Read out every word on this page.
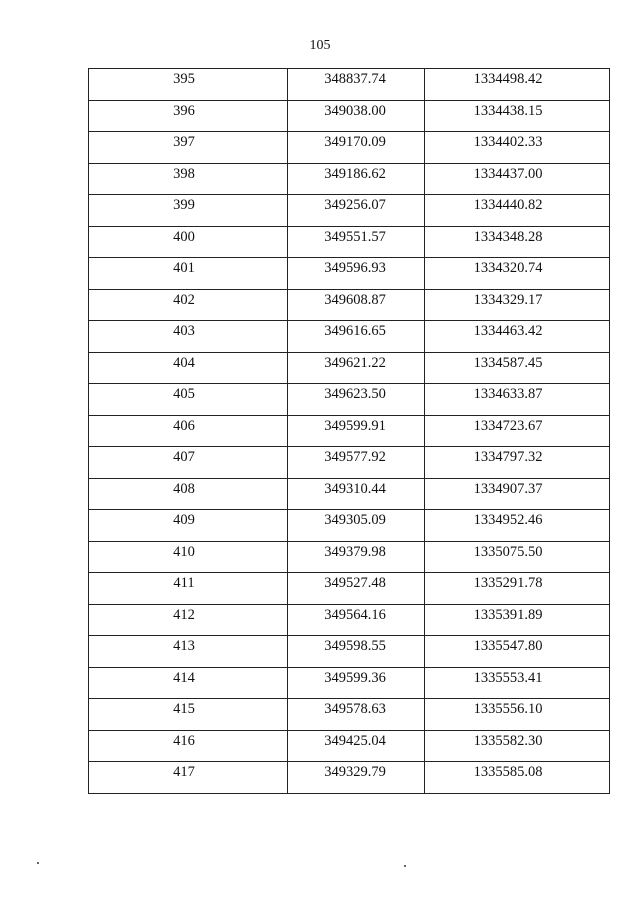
105
395	348837.74	1334498.42
396	349038.00	1334438.15
397	349170.09	1334402.33
398	349186.62	1334437.00
399	349256.07	1334440.82
400	349551.57	1334348.28
401	349596.93	1334320.74
402	349608.87	1334329.17
403	349616.65	1334463.42
404	349621.22	1334587.45
405	349623.50	1334633.87
406	349599.91	1334723.67
407	349577.92	1334797.32
408	349310.44	1334907.37
409	349305.09	1334952.46
410	349379.98	1335075.50
411	349527.48	1335291.78
412	349564.16	1335391.89
413	349598.55	1335547.80
414	349599.36	1335553.41
415	349578.63	1335556.10
416	349425.04	1335582.30
417	349329.79	1335585.08
